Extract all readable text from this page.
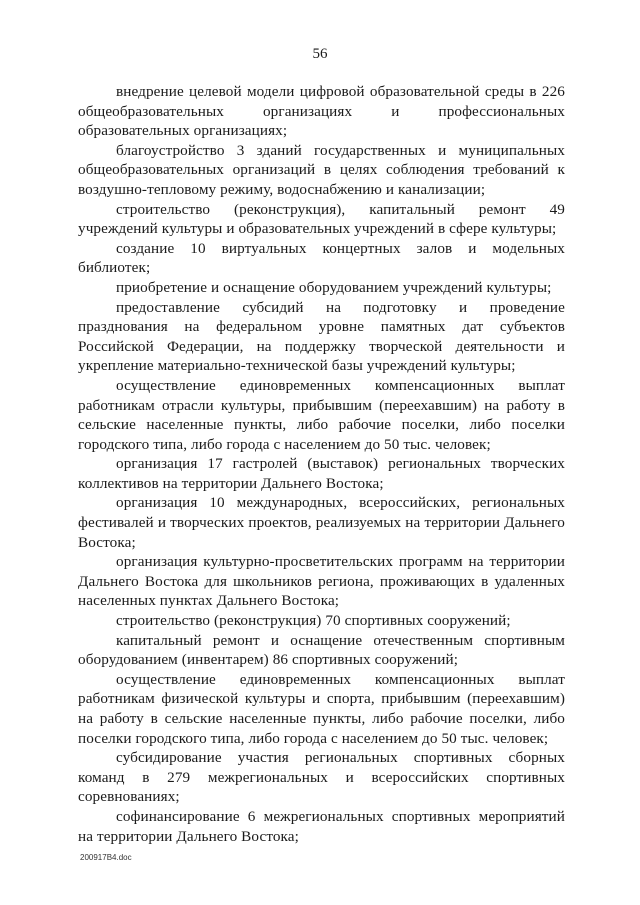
56

внедрение целевой модели цифровой образовательной среды в 226 общеобразовательных организациях и профессиональных образовательных организациях;

благоустройство 3 зданий государственных и муниципальных общеобразовательных организаций в целях соблюдения требований к воздушно-тепловому режиму, водоснабжению и канализации;

строительство (реконструкция), капитальный ремонт 49 учреждений культуры и образовательных учреждений в сфере культуры;

создание 10 виртуальных концертных залов и модельных библиотек;

приобретение и оснащение оборудованием учреждений культуры;

предоставление субсидий на подготовку и проведение празднования на федеральном уровне памятных дат субъектов Российской Федерации, на поддержку творческой деятельности и укрепление материально-технической базы учреждений культуры;

осуществление единовременных компенсационных выплат работникам отрасли культуры, прибывшим (переехавшим) на работу в сельские населенные пункты, либо рабочие поселки, либо поселки городского типа, либо города с населением до 50 тыс. человек;

организация 17 гастролей (выставок) региональных творческих коллективов на территории Дальнего Востока;

организация 10 международных, всероссийских, региональных фестивалей и творческих проектов, реализуемых на территории Дальнего Востока;

организация культурно-просветительских программ на территории Дальнего Востока для школьников региона, проживающих в удаленных населенных пунктах Дальнего Востока;

строительство (реконструкция) 70 спортивных сооружений;

капитальный ремонт и оснащение отечественным спортивным оборудованием (инвентарем) 86 спортивных сооружений;

осуществление единовременных компенсационных выплат работникам физической культуры и спорта, прибывшим (переехавшим) на работу в сельские населенные пункты, либо рабочие поселки, либо поселки городского типа, либо города с населением до 50 тыс. человек;

субсидирование участия региональных спортивных сборных команд в 279 межрегиональных и всероссийских спортивных соревнованиях;

софинансирование 6 межрегиональных спортивных мероприятий на территории Дальнего Востока;

200917B4.doc
